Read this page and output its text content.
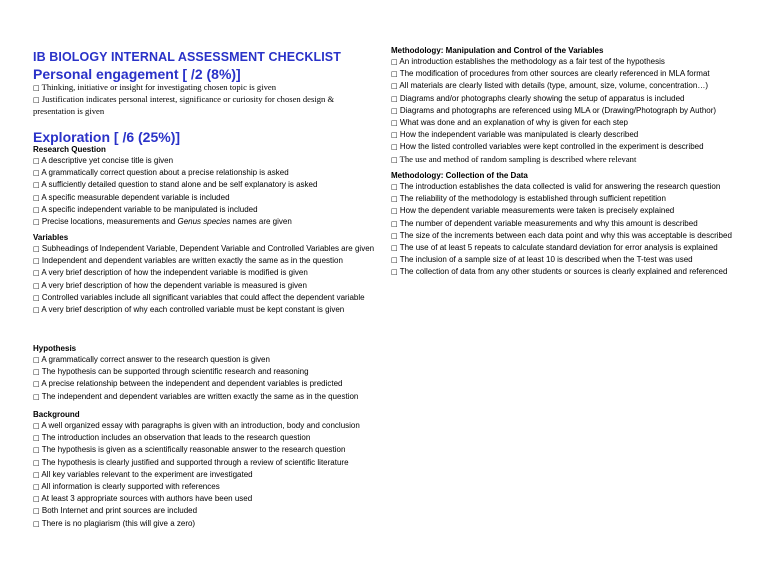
IB BIOLOGY INTERNAL ASSESSMENT CHECKLIST
Personal engagement [ /2 (8%)]

□ Thinking, initiative or insight for investigating chosen topic is given

□ Justification indicates personal interest, significance or curiosity for chosen design & presentation is given

Exploration [ /6 (25%)]

Research Question

□ A descriptive yet concise title is given

□ A grammatically correct question about a precise relationship is asked

□ A sufficiently detailed question to stand alone and be self explanatory is asked

□ A specific measurable dependent variable is included

□ A specific independent variable to be manipulated is included

□ Precise locations, measurements and Genus species names are given

Variables

□ Subheadings of Independent Variable, Dependent Variable and Controlled Variables are given

□ Independent and dependent variables are written exactly the same as in the question

□ A very brief description of how the independent variable is modified is given

□ A very brief description of how the dependent variable is measured is given

□ Controlled variables include all significant variables that could affect the dependent variable

□ A very brief description of why each controlled variable must be kept constant is given

Hypothesis

□ A grammatically correct answer to the research question is given

□ The hypothesis can be supported through scientific research and reasoning

□ A precise relationship between the independent and dependent variables is predicted

□ The independent and dependent variables are written exactly the same as in the question

Background

□ A well organized essay with paragraphs is given with an introduction, body and conclusion

□ The introduction includes an observation that leads to the research question

□ The hypothesis is given as a scientifically reasonable answer to the research question

□ The hypothesis is clearly justified and supported through a review of scientific literature

□ All key variables relevant to the experiment are investigated

□ All information is clearly supported with references

□ At least 3 appropriate sources with authors have been used

□ Both Internet and print sources are included

□ There is no plagiarism (this will give a zero)

Methodology: Manipulation and Control of the Variables

□ An introduction establishes the methodology as a fair test of the hypothesis

□ The modification of procedures from other sources are clearly referenced in MLA format

□ All materials are clearly listed with details (type, amount, size, volume, concentration…)

□ Diagrams and/or photographs clearly showing the setup of apparatus is included

□ Diagrams and photographs are referenced using MLA or (Drawing/Photograph by Author)

□ What was done and an explanation of why is given for each step

□ How the independent variable was manipulated is clearly described

□ How the listed controlled variables were kept controlled in the experiment is described

□ The use and method of random sampling is described where relevant

Methodology: Collection of the Data

□ The introduction establishes the data collected is valid for answering the research question

□ The reliability of the methodology is established through sufficient repetition

□ How the dependent variable measurements were taken is precisely explained

□ The number of dependent variable measurements and why this amount is described

□ The size of the increments between each data point and why this was acceptable is described

□ The use of at least 5 repeats to calculate standard deviation for error analysis is explained

□ The inclusion of a sample size of at least 10 is described when the T-test was used

□ The collection of data from any other students or sources is clearly explained and referenced
